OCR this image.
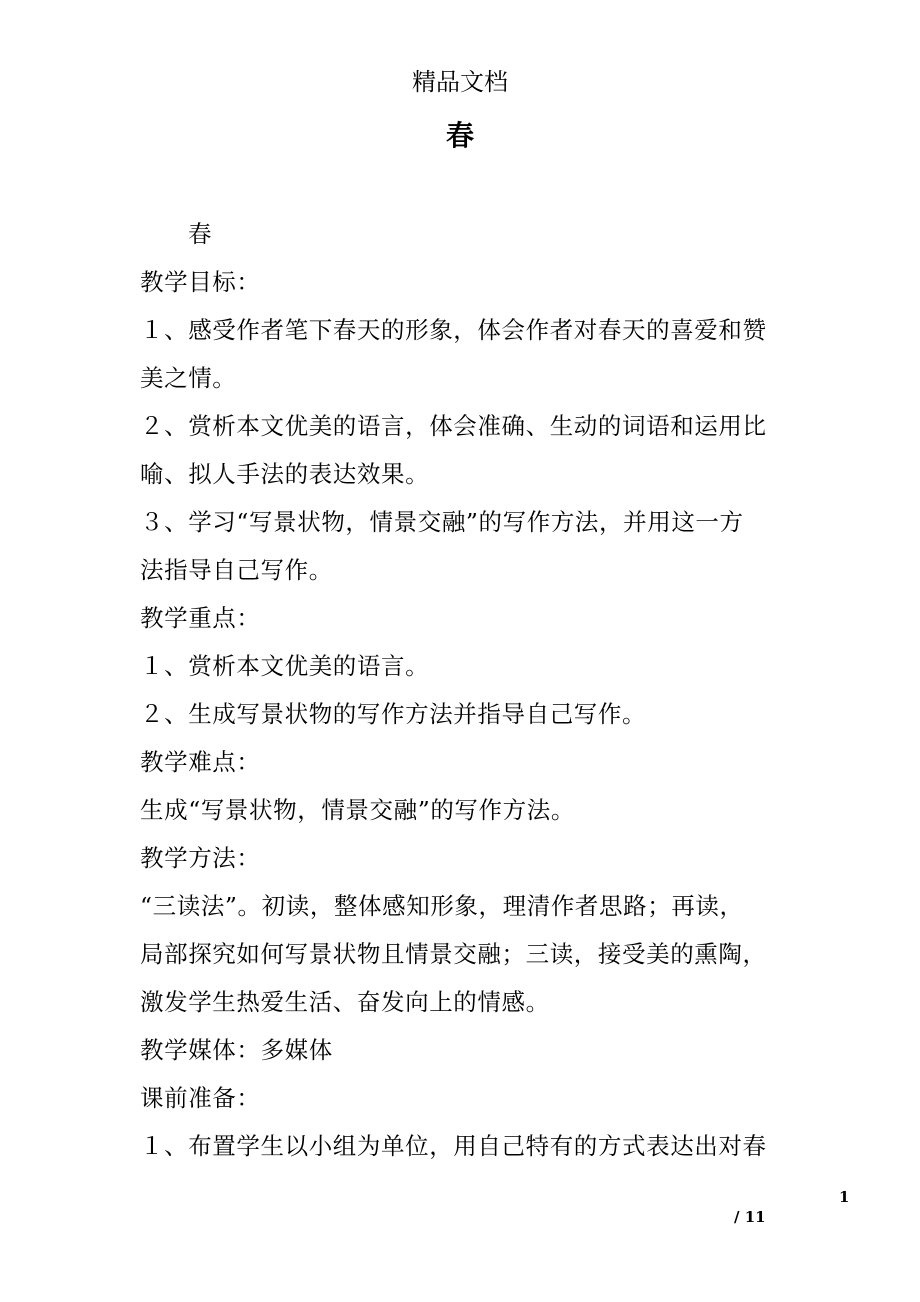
精品文档
春
春
教学目标：
１、感受作者笔下春天的形象，体会作者对春天的喜爱和赞
美之情。
２、赏析本文优美的语言，体会准确、生动的词语和运用比
喻、拟人手法的表达效果。
３、学习“写景状物，情景交融”的写作方法，并用这一方
法指导自己写作。
教学重点：
１、赏析本文优美的语言。
２、生成写景状物的写作方法并指导自己写作。
教学难点：
生成“写景状物，情景交融”的写作方法。
教学方法：
“三读法”。初读，整体感知形象，理清作者思路；再读，
局部探究如何写景状物且情景交融；三读，接受美的熏陶，
激发学生热爱生活、奋发向上的情感。
教学媒体：多媒体
课前准备：
１、布置学生以小组为单位，用自己特有的方式表达出对春
1
/ 11
